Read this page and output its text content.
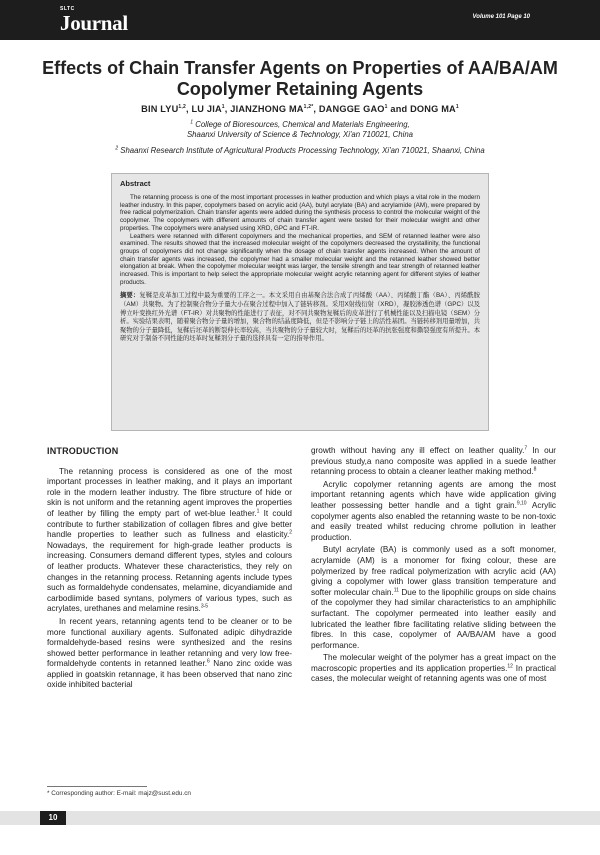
SLTC
Journal	Volume 101 Page 10
Effects of Chain Transfer Agents on Properties of AA/BA/AM Copolymer Retaining Agents
BIN LYU$^{1,2}$, LU JIA$^1$, JIANZHONG $MA^{1,2*}$, DANGGE GAO$^1$ and DONG $MA^1$
$^1$ College of Bioresources, Chemical and Materials Engineering,
Shaanxi University of Science & Technology, Xi'an 710021, China
$^2$ Shaanxi Research Institute of Agricultural Products Processing Technology, Xi'an 710021, Shaanxi, China
Abstract

The retanning process is one of the most important processes in leather production and which plays a vital role in the modern leather industry. In this paper, copolymers based on acrylic acid (AA), butyl acrylate (BA) and acrylamide (AM), were prepared by free radical polymerization. Chain transfer agents were added during the synthesis process to control the molecular weight of the copolymer. The copolymers with different amounts of chain transfer agent were tested for their molecular weight and other properties. The copolymers were analysed using XRD, GPC and FT-IR.

Leathers were retanned with different copolymers and the mechanical properties, and SEM of retanned leather were also examined. The results showed that the increased molecular weight of the copolymers decreased the crystallinity, the functional groups of copolymers did not change significantly when the dosage of chain transfer agents increased. When the amount of chain transfer agents was increased, the copolymer had a smaller molecular weight and the retanned leather showed better elongation at break. When the copolymer molecular weight was larger, the tensile strength and tear strength of retanned leather increased. This is important to help select the appropriate molecular weight acrylic retanning agent for different styles of leather products.

摘要：复鞣是皮革加工过程中最为重要的工序之一。本文采用自由基聚合法合成了丙烯酸（AA）、丙烯酸丁酯（BA）、丙烯酰胺（AM）共聚物。为了控制聚合物分子量大小在聚合过程中加入了链转移剂。采用X射线衍射（XRD），凝胶渗透色谱（GPC）以及傅立叶变换红外光谱（FT-IR）对共聚物的性能进行了表征，对不同共聚物复鞣后的皮革进行了机械性能以及扫描电镜（SEM）分析。实验结果表明，随着聚合物分子量的增加，聚合物的结晶度降低，但是不影响分子链上的活性基团。当链转移剂用量增加，共聚物的分子量降低，复鞣后坯革的断裂伸长率较高，当共聚物的分子量较大时，复鞣后的坯革的抗张强度和撕裂强度有所提升。本研究对于制备不同性能的坯革时复鞣剂分子量的选择具有一定的指导作用。

INTRODUCTION

The retanning process is considered as one of the most important processes in leather making, and it plays an important role in the modern leather industry. The fibre structure of hide or skin is not uniform and the retanning agent improves the properties of leather by filling the empty part of wet-blue leather.$^1$ It could contribute to further stabilization of collagen fibres and give better handle properties to leather such as fullness and elasticity.$^2$ Nowadays, the requirement for high-grade leather products is increasing. Consumers demand different types, styles and colours of leather products. Whatever these characteristics, they rely on changes in the retanning process. Retanning agents include types such as formaldehyde condensates, melamine, dicyandiamide and carbodiimide based syntans, polymers of various types, such as acrylates, urethanes and melamine resins.$^{3-5}$

In recent years, retanning agents tend to be cleaner or to be more functional auxiliary agents. Sulfonated adipic dihydrazide formaldehyde-based resins were synthesized and the resins showed better performance in leather retanning and very low free-formaldehyde contents in retanned leather.$^6$ Nano zinc oxide was applied in goatskin retannage, it has been observed that nano zinc oxide inhibited bacterial

growth without having any ill effect on leather quality.$^7$ In our previous study,a nano composite was applied in a suede leather retanning process to obtain a cleaner leather making method.$^8$

Acrylic copolymer retanning agents are among the most important retanning agents which have wide application giving leather possessing better handle and a tight grain.$^{9,10}$ Acrylic copolymer agents also enabled the retanning waste to be non-toxic and easily treated whilst reducing chrome pollution in leather production.

Butyl acrylate (BA) is commonly used as a soft monomer, acrylamide (AM) is a monomer for fixing colour, these are polymerized by free radical polymerization with acrylic acid (AA) giving a copolymer with lower glass transition temperature and softer molecular chain.$^{11}$ Due to the lipophilic groups on side chains of the copolymer they had similar characteristics to an amphiphilic surfactant. The copolymer permeated into leather easily and lubricated the leather fibre facilitating relative sliding between the fibres. In this case, copolymer of AA/BA/AM have a good performance.

The molecular weight of the polymer has a great impact on the macroscopic properties and its application properties.$^{12}$ In practical cases, the molecular weight of retanning agents was one of most

* Corresponding author: E-mail: majz@sust.edu.cn
10
